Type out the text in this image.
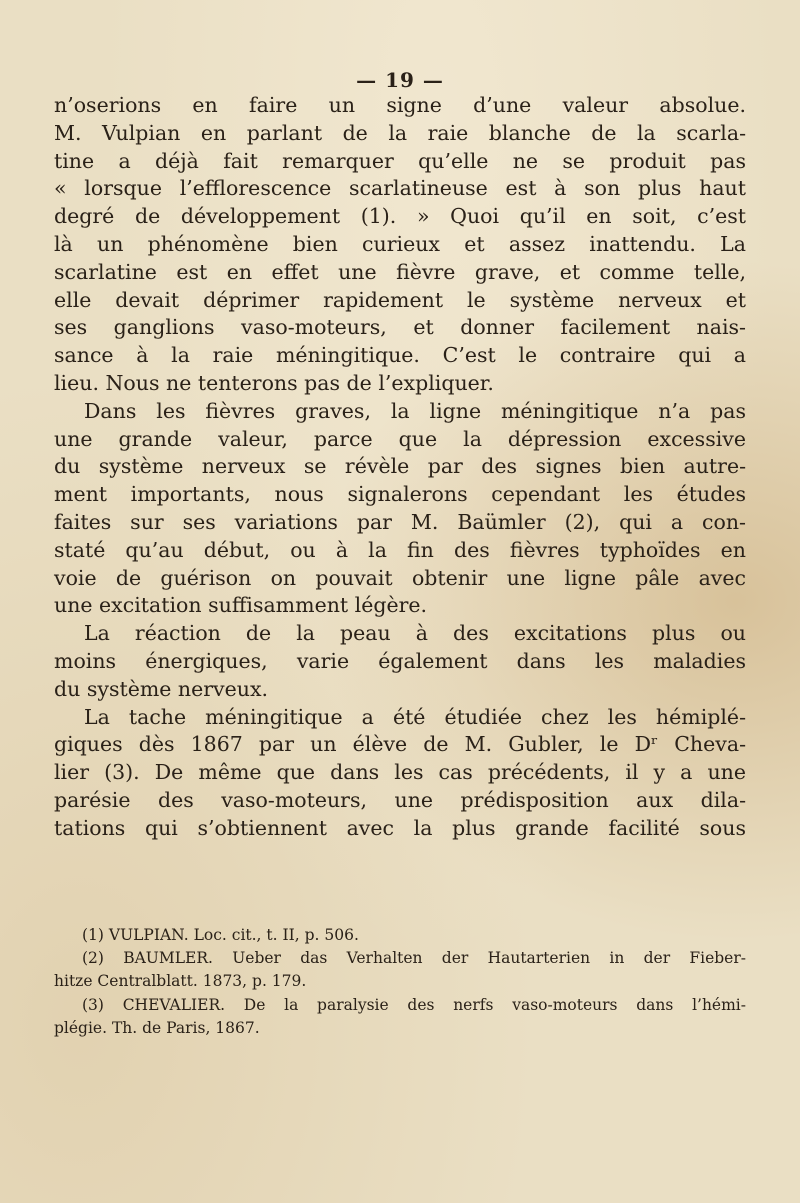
— 19 —
n’oserions en faire un signe d’une valeur absolue.
M. Vulpian en parlant de la raie blanche de la scarla-
tine a déjà fait remarquer qu’elle ne se produit pas
« lorsque l’efflorescence scarlatineuse est à son plus haut
degré de développement (1). » Quoi qu’il en soit, c’est
là un phénomène bien curieux et assez inattendu. La
scarlatine est en effet une fièvre grave, et comme telle,
elle devait déprimer rapidement le système nerveux et
ses ganglions vaso-moteurs, et donner facilement nais-
sance à la raie méningitique. C’est le contraire qui a
lieu. Nous ne tenterons pas de l’expliquer.
Dans les fièvres graves, la ligne méningitique n’a pas
une grande valeur, parce que la dépression excessive
du système nerveux se révèle par des signes bien autre-
ment importants, nous signalerons cependant les études
faites sur ses variations par M. Baümler (2), qui a con-
staté qu’au début, ou à la fin des fièvres typhoïdes en
voie de guérison on pouvait obtenir une ligne pâle avec
une excitation suffisamment légère.
La réaction de la peau à des excitations plus ou
moins énergiques, varie également dans les maladies
du système nerveux.
La tache méningitique a été étudiée chez les hémiplé-
giques dès 1867 par un élève de M. Gubler, le Dʳ Cheva-
lier (3). De même que dans les cas précédents, il y a une
parésie des vaso-moteurs, une prédisposition aux dila-
tations qui s’obtiennent avec la plus grande facilité sous
(1) VULPIAN. Loc. cit., t. II, p. 506.
(2) BAUMLER. Ueber das Verhalten der Hautarterien in der Fieber-
hitze Centralblatt. 1873, p. 179.
(3) CHEVALIER. De la paralysie des nerfs vaso-moteurs dans l’hémi-
plégie. Th. de Paris, 1867.
